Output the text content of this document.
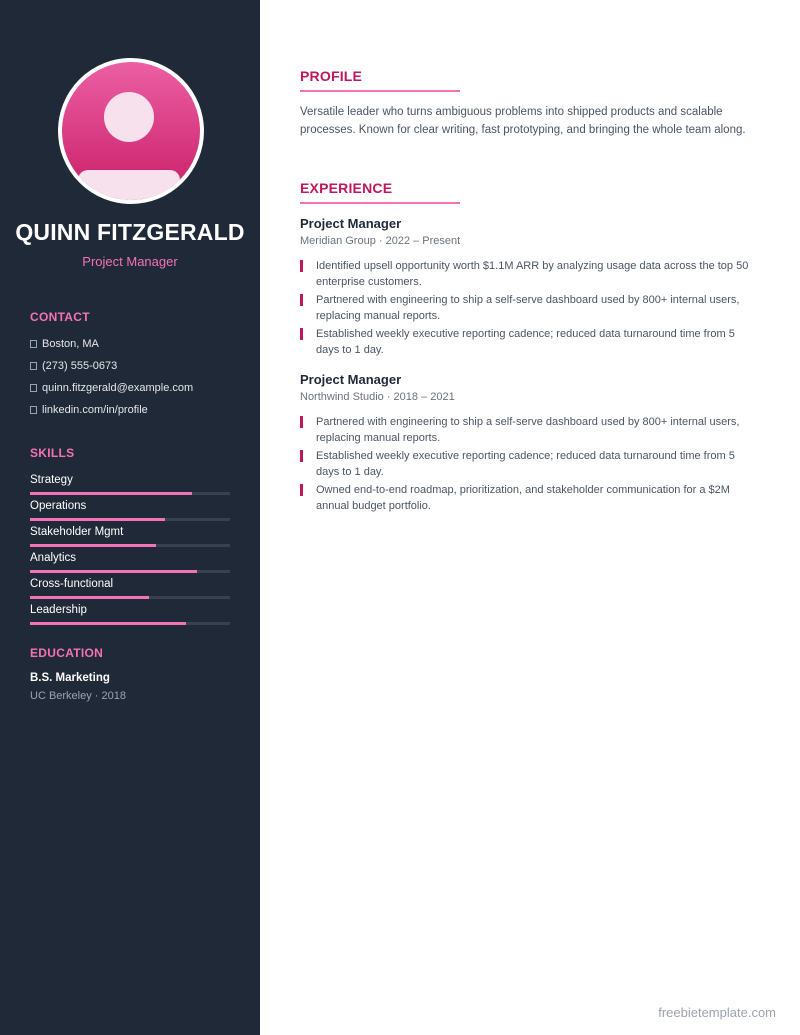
QUINN FITZGERALD
Project Manager
CONTACT
Boston, MA
(273) 555-0673
quinn.fitzgerald@example.com
linkedin.com/in/profile
SKILLS
Strategy
Operations
Stakeholder Mgmt
Analytics
Cross-functional
Leadership
EDUCATION
B.S. Marketing
UC Berkeley · 2018
PROFILE
Versatile leader who turns ambiguous problems into shipped products and scalable processes. Known for clear writing, fast prototyping, and bringing the whole team along.
EXPERIENCE
Project Manager
Meridian Group · 2022 – Present
Identified upsell opportunity worth $1.1M ARR by analyzing usage data across the top 50 enterprise customers.
Partnered with engineering to ship a self-serve dashboard used by 800+ internal users, replacing manual reports.
Established weekly executive reporting cadence; reduced data turnaround time from 5 days to 1 day.
Project Manager
Northwind Studio · 2018 – 2021
Partnered with engineering to ship a self-serve dashboard used by 800+ internal users, replacing manual reports.
Established weekly executive reporting cadence; reduced data turnaround time from 5 days to 1 day.
Owned end-to-end roadmap, prioritization, and stakeholder communication for a $2M annual budget portfolio.
freebietemplate.com
